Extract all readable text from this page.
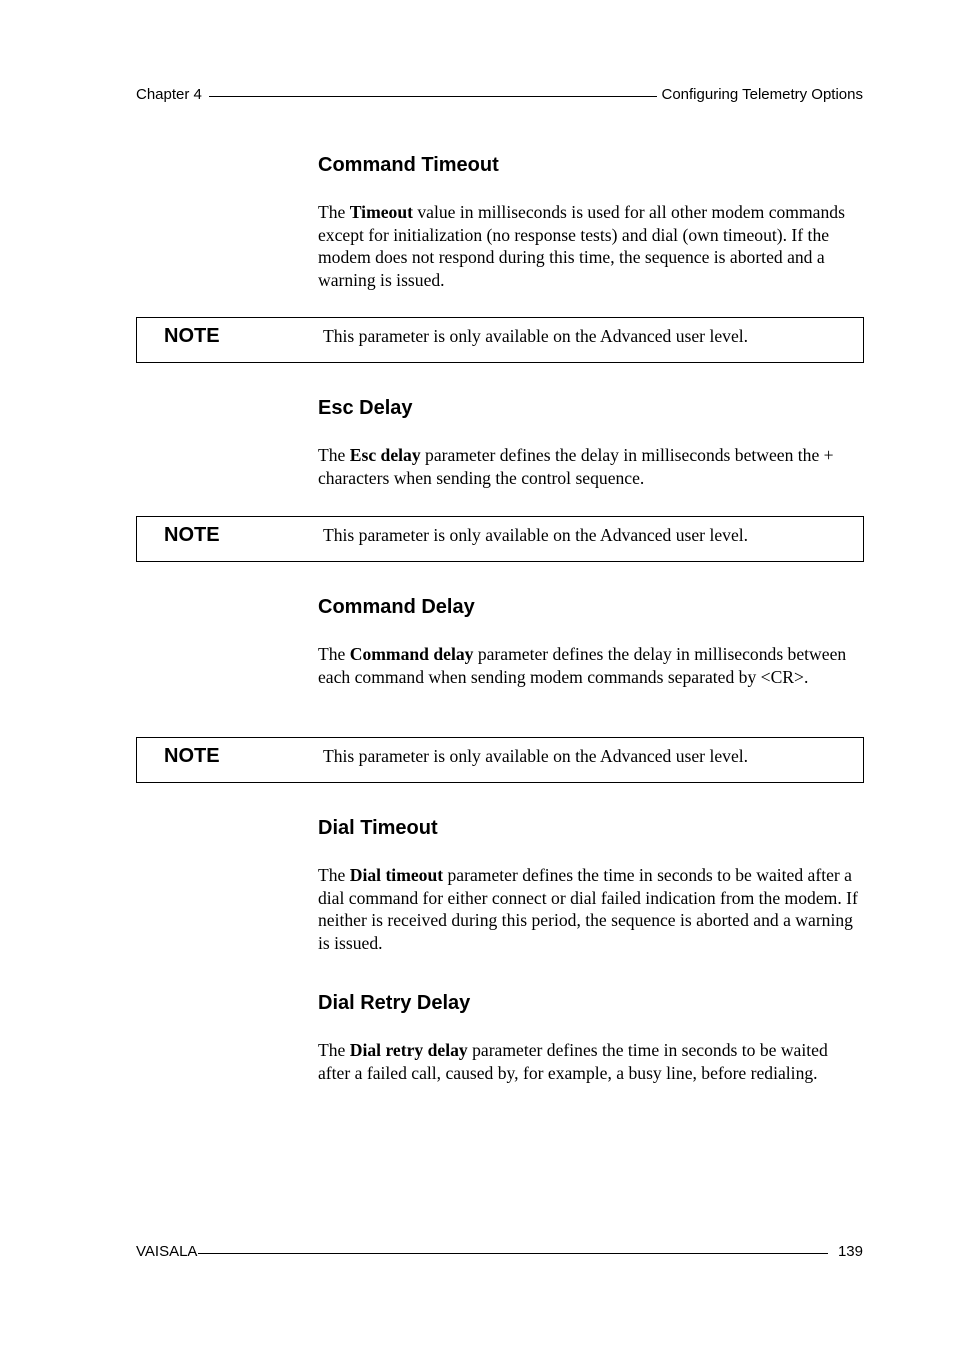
Chapter 4	Configuring Telemetry Options
Command Timeout

The Timeout value in milliseconds is used for all other modem commands except for initialization (no response tests) and dial (own timeout). If the modem does not respond during this time, the sequence is aborted and a warning is issued.

NOTE	This parameter is only available on the Advanced user level.
Esc Delay

The Esc delay parameter defines the delay in milliseconds between the + characters when sending the control sequence.

NOTE	This parameter is only available on the Advanced user level.
Command Delay

The Command delay parameter defines the delay in milliseconds between each command when sending modem commands separated by <CR>.

NOTE	This parameter is only available on the Advanced user level.
Dial Timeout

The Dial timeout parameter defines the time in seconds to be waited after a dial command for either connect or dial failed indication from the modem. If neither is received during this period, the sequence is aborted and a warning is issued.

Dial Retry Delay

The Dial retry delay parameter defines the time in seconds to be waited after a failed call, caused by, for example, a busy line, before redialing.

VAISALA	139
